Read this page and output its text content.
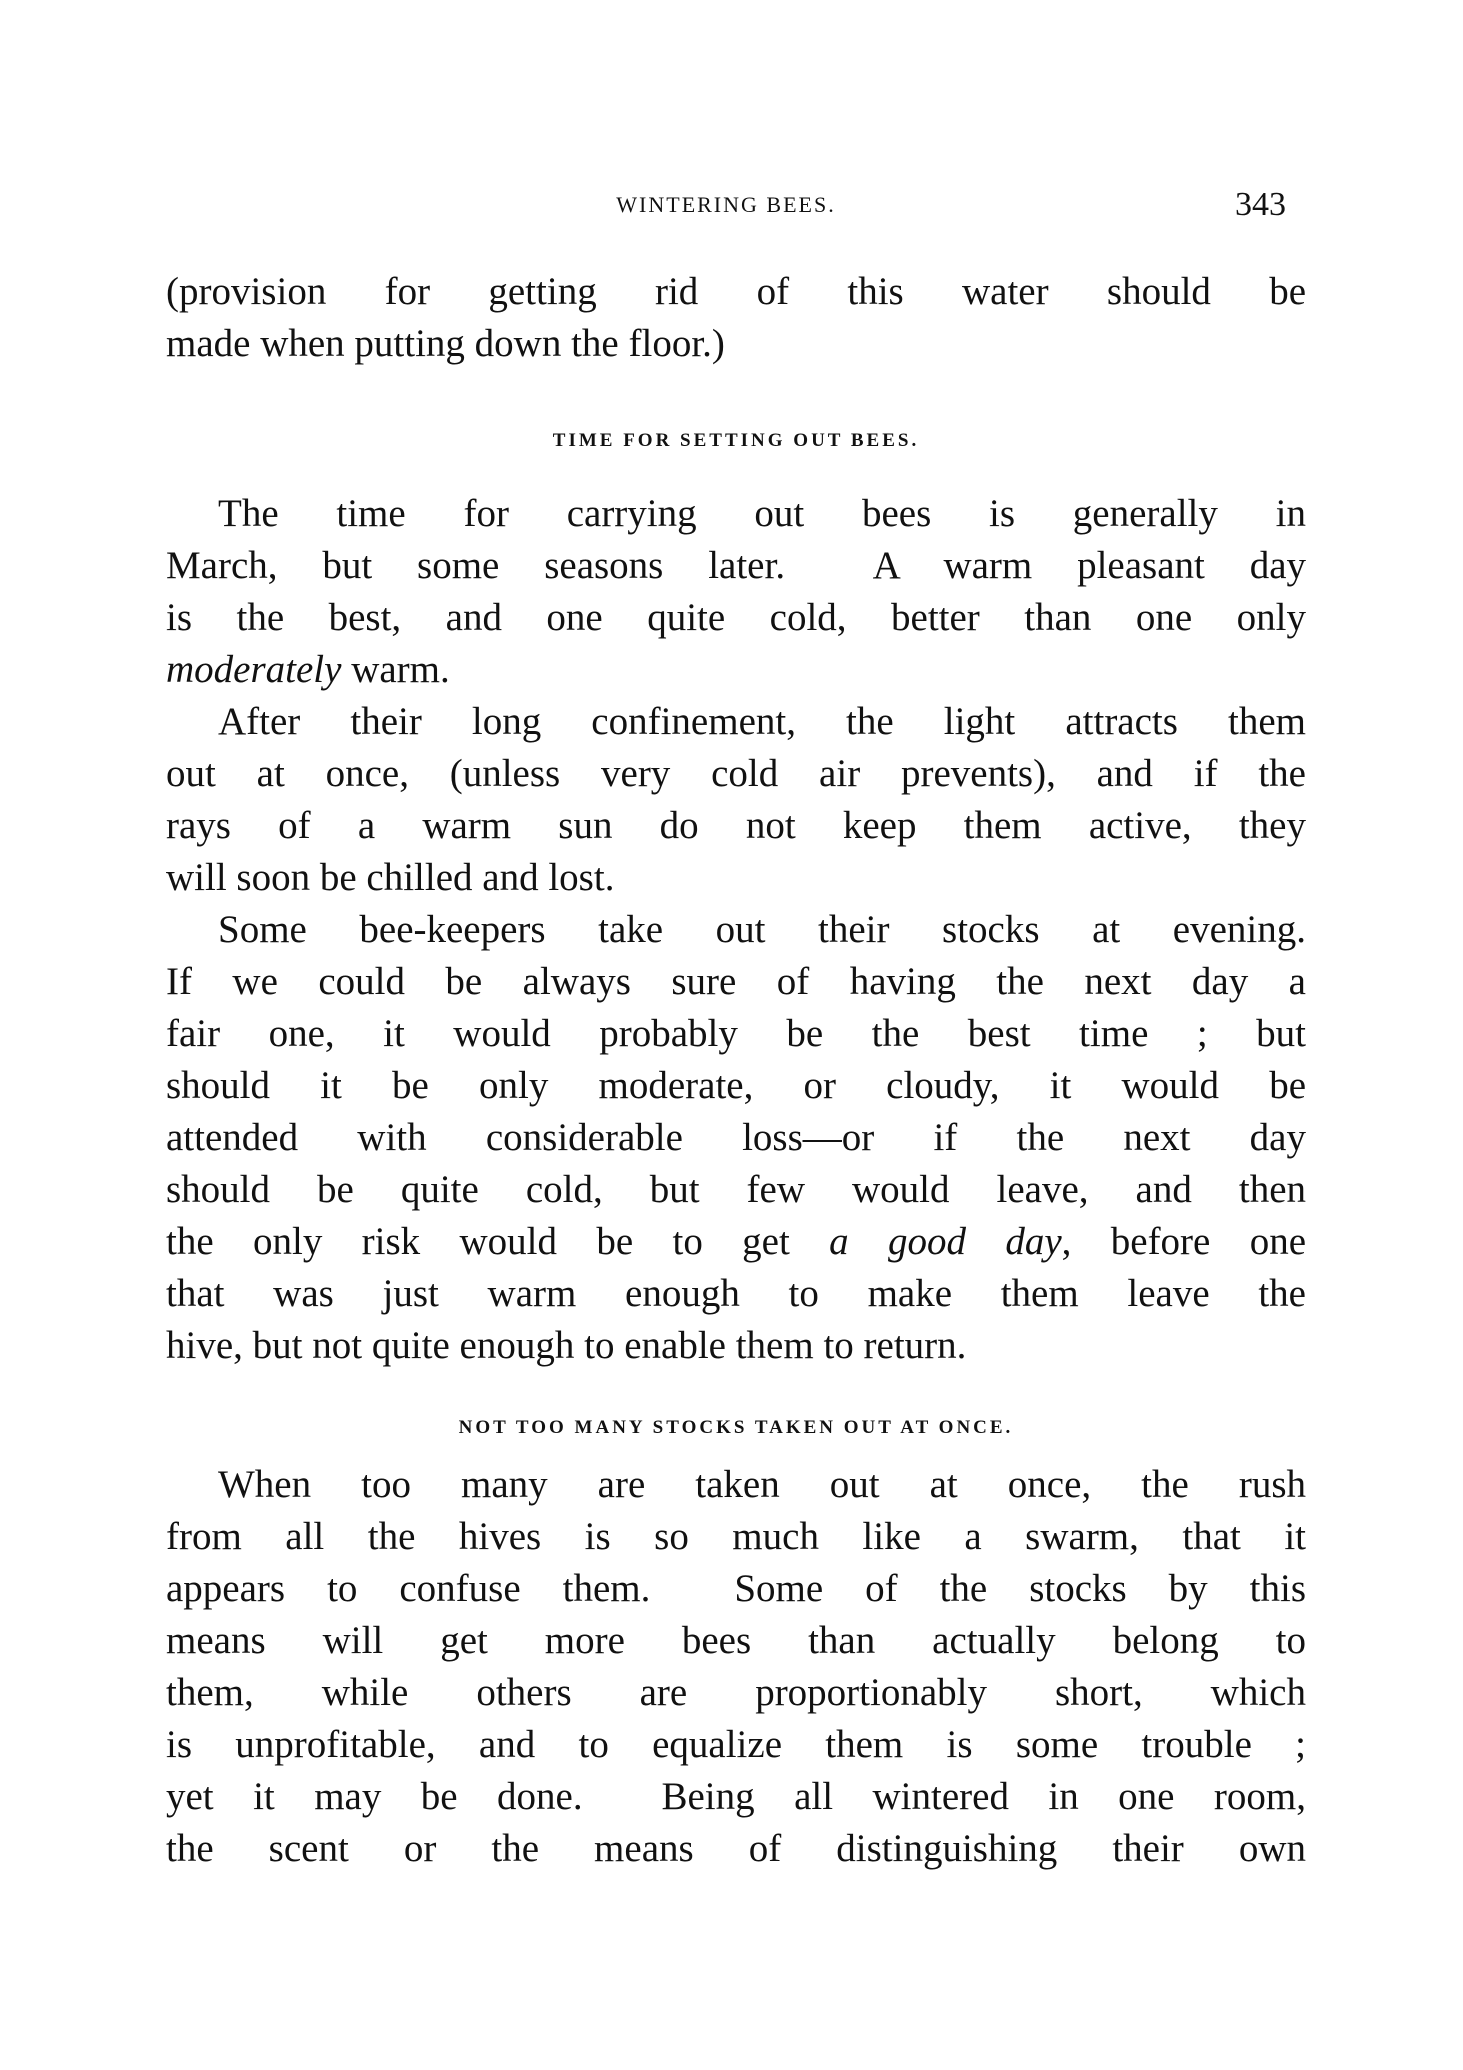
WINTERING BEES.	343
(provision for getting rid of this water should be
made when putting down the floor.)
TIME FOR SETTING OUT BEES.
The time for carrying out bees is generally in
March, but some seasons later.  A warm pleasant day
is the best, and one quite cold, better than one only
moderately warm.
After their long confinement, the light attracts them
out at once, (unless very cold air prevents), and if the
rays of a warm sun do not keep them active, they
will soon be chilled and lost.
Some bee-keepers take out their stocks at evening.
If we could be always sure of having the next day a
fair one, it would probably be the best time ; but
should it be only moderate, or cloudy, it would be
attended with considerable loss—or if the next day
should be quite cold, but few would leave, and then
the only risk would be to get a good day, before one
that was just warm enough to make them leave the
hive, but not quite enough to enable them to return.
NOT TOO MANY STOCKS TAKEN OUT AT ONCE.
When too many are taken out at once, the rush
from all the hives is so much like a swarm, that it
appears to confuse them.  Some of the stocks by this
means will get more bees than actually belong to
them, while others are proportionably short, which
is unprofitable, and to equalize them is some trouble ;
yet it may be done.  Being all wintered in one room,
the scent or the means of distinguishing their own
